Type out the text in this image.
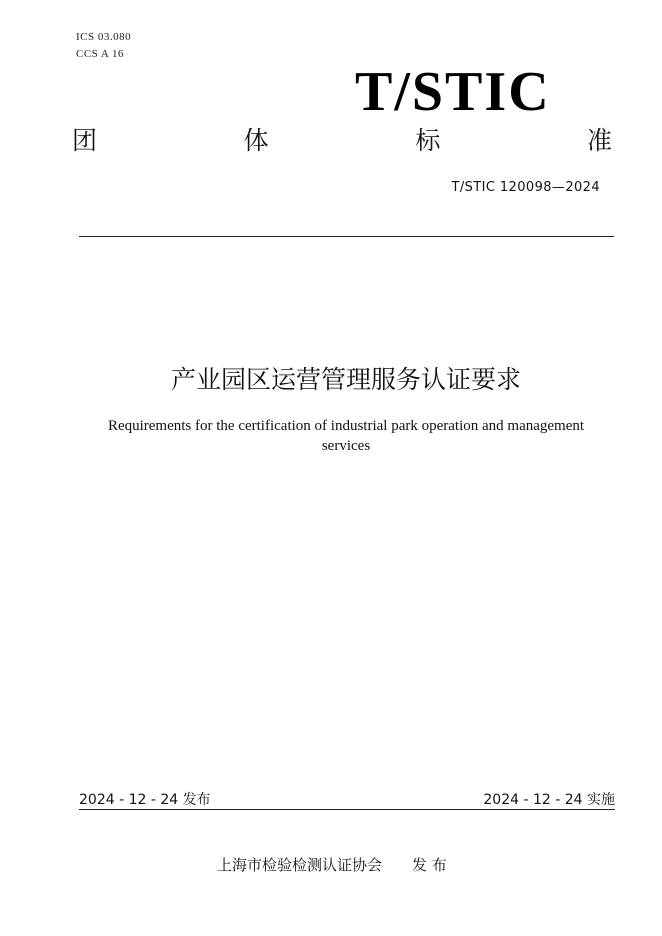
ICS 03.080
CCS A 16
T/STIC
团	体	标	准
T/STIC 120098—2024
产业园区运营管理服务认证要求
Requirements for the certification of industrial park operation and management services
2024 - 12 - 24 发布	2024 - 12 - 24 实施
上海市检验检测认证协会 发 布
